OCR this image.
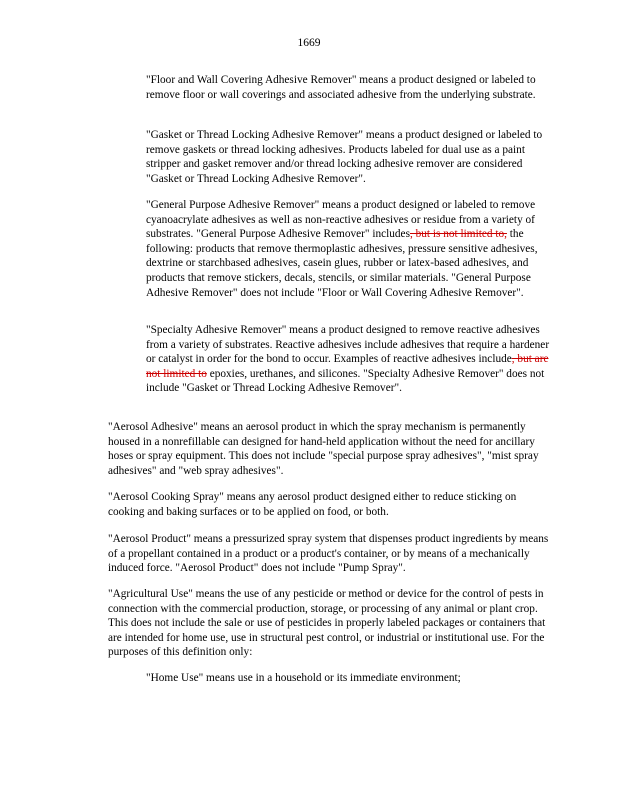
1669

"Floor and Wall Covering Adhesive Remover" means a product designed or labeled to remove floor or wall coverings and associated adhesive from the underlying substrate.

"Gasket or Thread Locking Adhesive Remover" means a product designed or labeled to remove gaskets or thread locking adhesives. Products labeled for dual use as a paint stripper and gasket remover and/or thread locking adhesive remover are considered "Gasket or Thread Locking Adhesive Remover".

"General Purpose Adhesive Remover" means a product designed or labeled to remove cyanoacrylate adhesives as well as non-reactive adhesives or residue from a variety of substrates. "General Purpose Adhesive Remover" includes, but is not limited to, the following: products that remove thermoplastic adhesives, pressure sensitive adhesives, dextrine or starchbased adhesives, casein glues, rubber or latex-based adhesives, and products that remove stickers, decals, stencils, or similar materials. "General Purpose Adhesive Remover" does not include "Floor or Wall Covering Adhesive Remover".

"Specialty Adhesive Remover" means a product designed to remove reactive adhesives from a variety of substrates. Reactive adhesives include adhesives that require a hardener or catalyst in order for the bond to occur. Examples of reactive adhesives include, but are not limited to epoxies, urethanes, and silicones. "Specialty Adhesive Remover" does not include "Gasket or Thread Locking Adhesive Remover".

"Aerosol Adhesive" means an aerosol product in which the spray mechanism is permanently housed in a nonrefillable can designed for hand-held application without the need for ancillary hoses or spray equipment. This does not include "special purpose spray adhesives", "mist spray adhesives" and "web spray adhesives".

"Aerosol Cooking Spray" means any aerosol product designed either to reduce sticking on cooking and baking surfaces or to be applied on food, or both.

"Aerosol Product" means a pressurized spray system that dispenses product ingredients by means of a propellant contained in a product or a product's container, or by means of a mechanically induced force. "Aerosol Product" does not include "Pump Spray".

"Agricultural Use" means the use of any pesticide or method or device for the control of pests in connection with the commercial production, storage, or processing of any animal or plant crop. This does not include the sale or use of pesticides in properly labeled packages or containers that are intended for home use, use in structural pest control, or industrial or institutional use. For the purposes of this definition only:

"Home Use" means use in a household or its immediate environment;
